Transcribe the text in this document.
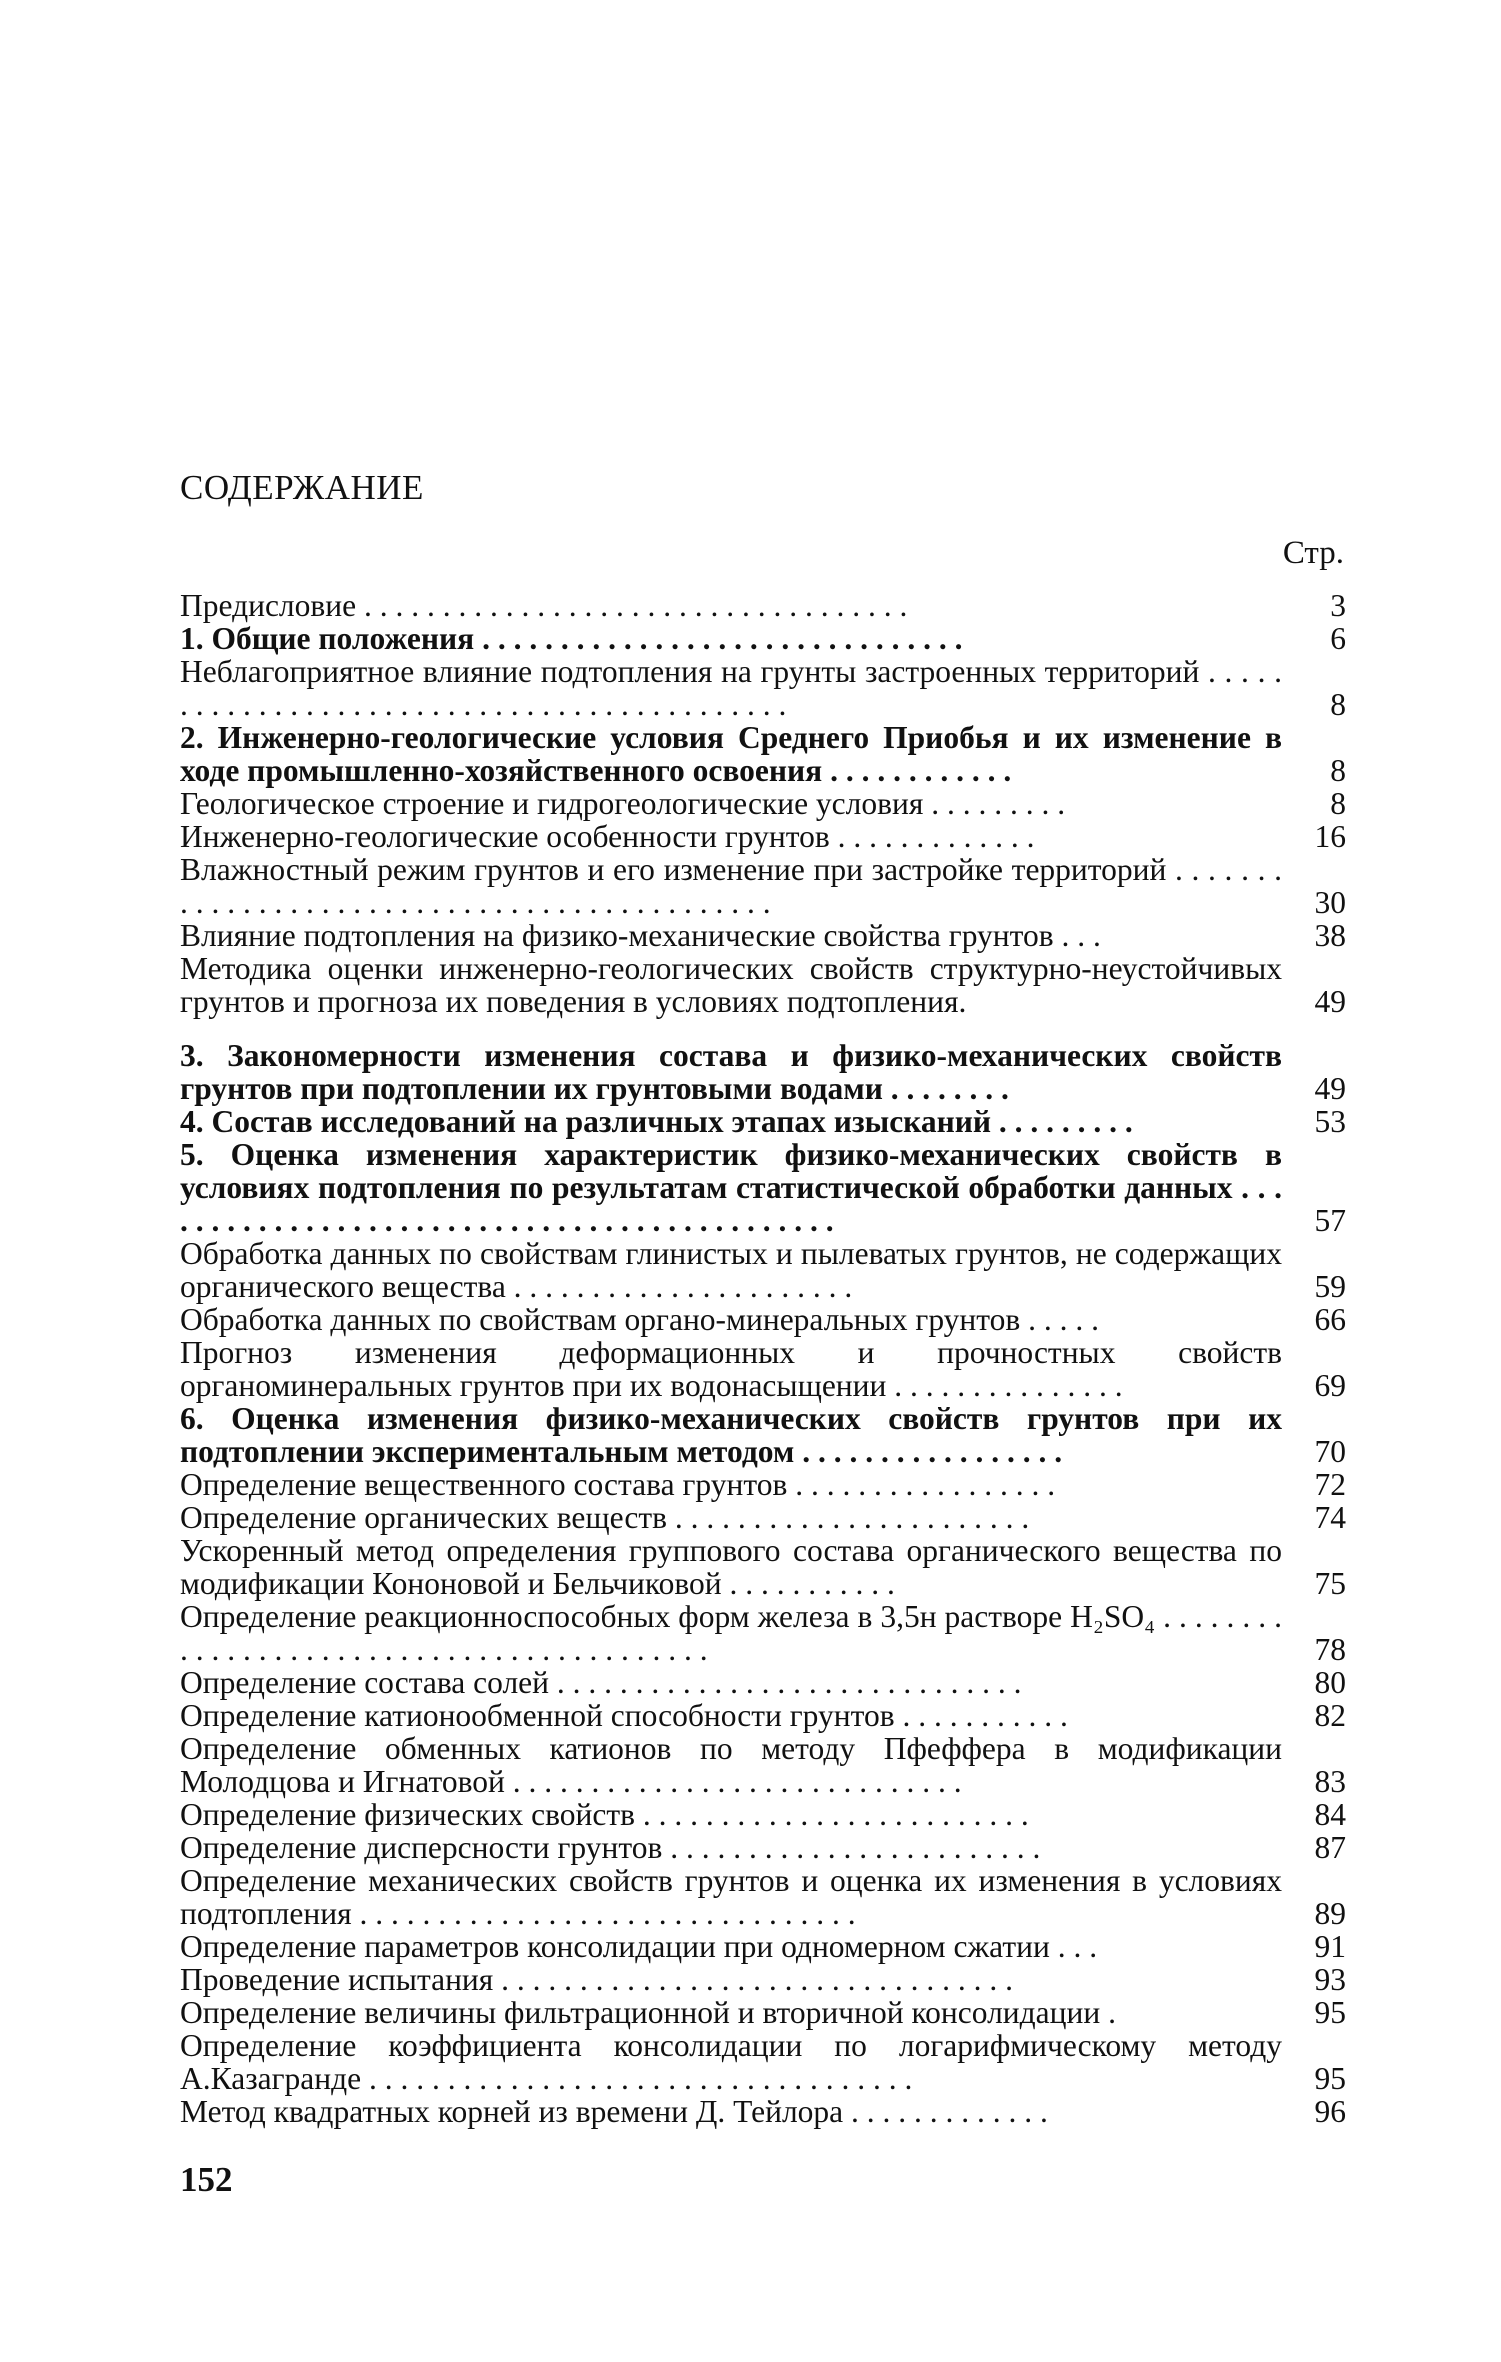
СОДЕРЖАНИЕ
Стр.
Предисловие . . . . . . . . . . . . . . . . . . . . . . . . . . . . . . . . . . .	3
1. Общие положения . . . . . . . . . . . . . . . . . . . . . . . . . . . . . . .	6
Неблагоприятное влияние подтопления на грунты застроенных территорий . . . . . . . . . . . . . . . . . . . . . . . . . . . . . . . . . . . . . . . . . . . .	8
2. Инженерно-геологические условия Среднего Приобья и их изменение в ходе промышленно-хозяйственного освоения . . . . . . . . . . . .	8
Геологическое строение и гидрогеологические условия . . . . . . . . .	8
Инженерно-геологические особенности грунтов . . . . . . . . . . . . .	16
Влажностный режим грунтов и его изменение при застройке территорий . . . . . . . . . . . . . . . . . . . . . . . . . . . . . . . . . . . . . . . . . . . . .	30
Влияние подтопления на физико-механические свойства грунтов . . .	38
Методика оценки инженерно-геологических свойств структурно-неустойчивых грунтов и прогноза их поведения в условиях подтопления.	49
3. Закономерности изменения состава и физико-механических свойств грунтов при подтоплении их грунтовыми водами . . . . . . . .	49
4. Состав исследований на различных этапах изысканий . . . . . . . . .	53
5. Оценка изменения характеристик физико-механических свойств в условиях подтопления по результатам статистической обработки данных . . . . . . . . . . . . . . . . . . . . . . . . . . . . . . . . . . . . . . . . . . . . .	57
Обработка данных по свойствам глинистых и пылеватых грунтов, не содержащих органического вещества . . . . . . . . . . . . . . . . . . . . . .	59
Обработка данных по свойствам органо-минеральных грунтов . . . . .	66
Прогноз изменения деформационных и прочностных свойств органоминеральных грунтов при их водонасыщении . . . . . . . . . . . . . . .	69
6. Оценка изменения физико-механических свойств грунтов при их подтоплении экспериментальным методом . . . . . . . . . . . . . . . . .	70
Определение вещественного состава грунтов . . . . . . . . . . . . . . . . .	72
Определение органических веществ . . . . . . . . . . . . . . . . . . . . . . .	74
Ускоренный метод определения группового состава органического вещества по модификации Кононовой и Бельчиковой . . . . . . . . . . .	75
Определение реакционноспособных форм железа в 3,5н растворе H₂SO₄ . . . . . . . . . . . . . . . . . . . . . . . . . . . . . . . . . . . . . . . . . .	78
Определение состава солей . . . . . . . . . . . . . . . . . . . . . . . . . . . . . .	80
Определение катионообменной способности грунтов . . . . . . . . . . .	82
Определение обменных катионов по методу Пфеффера в модификации Молодцова и Игнатовой . . . . . . . . . . . . . . . . . . . . . . . . . . . . .	83
Определение физических свойств . . . . . . . . . . . . . . . . . . . . . . . . .	84
Определение дисперсности грунтов . . . . . . . . . . . . . . . . . . . . . . . .	87
Определение механических свойств грунтов и оценка их изменения в условиях подтопления . . . . . . . . . . . . . . . . . . . . . . . . . . . . . . . .	89
Определение параметров консолидации при одномерном сжатии . . .	91
Проведение испытания . . . . . . . . . . . . . . . . . . . . . . . . . . . . . . . . .	93
Определение величины фильтрационной и вторичной консолидации .	95
Определение коэффициента консолидации по логарифмическому методу А.Казагранде . . . . . . . . . . . . . . . . . . . . . . . . . . . . . . . . . . .	95
Метод квадратных корней из времени Д. Тейлора . . . . . . . . . . . . .	96
152
